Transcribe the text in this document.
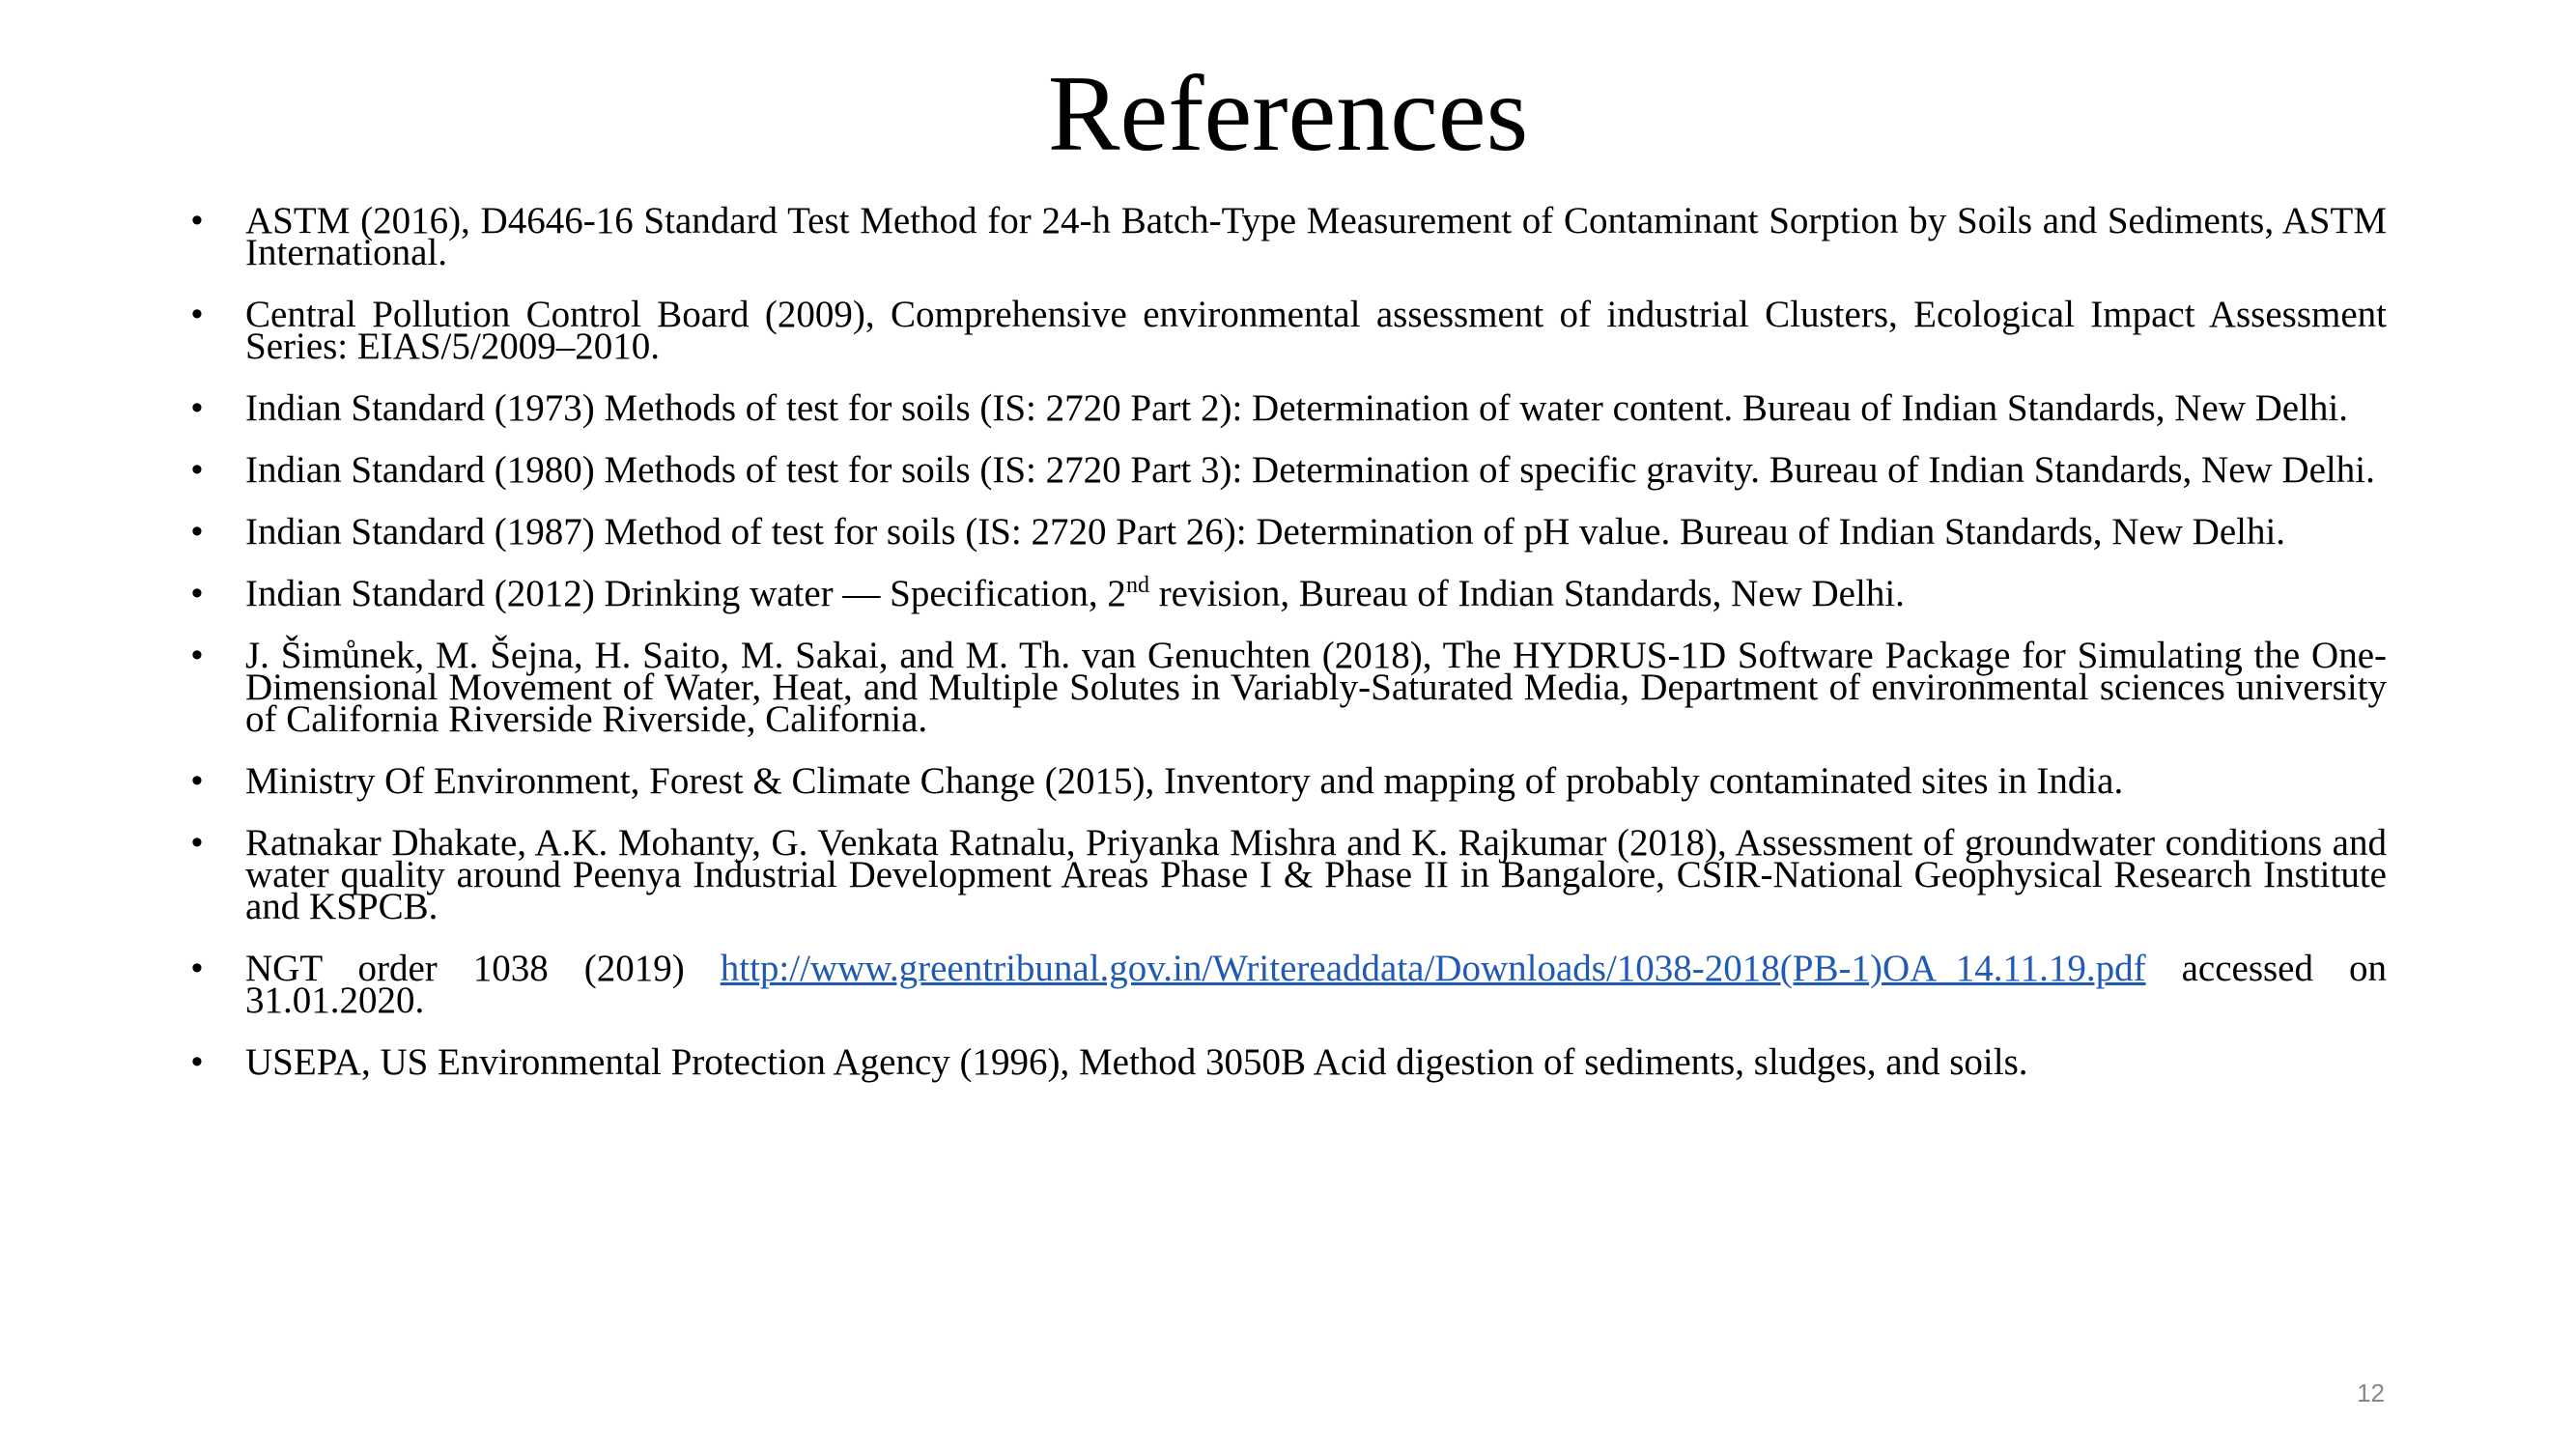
References
• ASTM (2016), D4646-16 Standard Test Method for 24-h Batch-Type Measurement of Contaminant Sorption by Soils and Sediments, ASTM International.
• Central Pollution Control Board (2009), Comprehensive environmental assessment of industrial Clusters, Ecological Impact Assessment Series: EIAS/5/2009–2010.
• Indian Standard (1973) Methods of test for soils (IS: 2720 Part 2): Determination of water content. Bureau of Indian Standards, New Delhi.
• Indian Standard (1980) Methods of test for soils (IS: 2720 Part 3): Determination of specific gravity. Bureau of Indian Standards, New Delhi.
• Indian Standard (1987) Method of test for soils (IS: 2720 Part 26): Determination of pH value. Bureau of Indian Standards, New Delhi.
• Indian Standard (2012) Drinking water — Specification, 2nd revision, Bureau of Indian Standards, New Delhi.
• J. Šimůnek, M. Šejna, H. Saito, M. Sakai, and M. Th. van Genuchten (2018), The HYDRUS-1D Software Package for Simulating the One-Dimensional Movement of Water, Heat, and Multiple Solutes in Variably-Saturated Media, Department of environmental sciences university of California Riverside Riverside, California.
• Ministry Of Environment, Forest & Climate Change (2015), Inventory and mapping of probably contaminated sites in India.
• Ratnakar Dhakate, A.K. Mohanty, G. Venkata Ratnalu, Priyanka Mishra and K. Rajkumar (2018), Assessment of groundwater conditions and water quality around Peenya Industrial Development Areas Phase I & Phase II in Bangalore, CSIR-National Geophysical Research Institute and KSPCB.
• NGT order 1038 (2019) http://www.greentribunal.gov.in/Writereaddata/Downloads/1038-2018(PB-1)OA_14.11.19.pdf accessed on 31.01.2020.
• USEPA, US Environmental Protection Agency (1996), Method 3050B Acid digestion of sediments, sludges, and soils.
12
